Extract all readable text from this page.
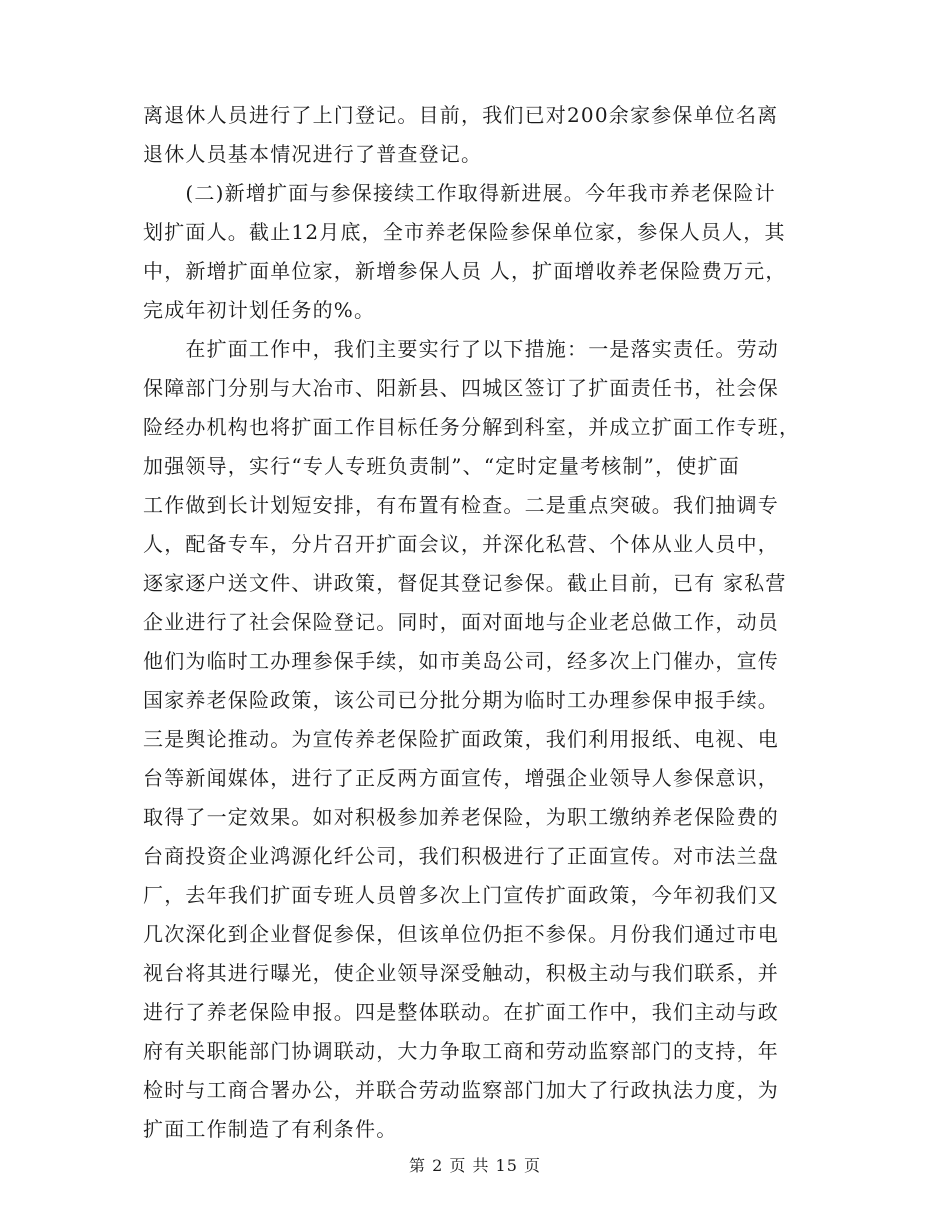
离退休人员进行了上门登记。目前，我们已对200余家参保单位名离
退休人员基本情况进行了普查登记。
　　(二)新增扩面与参保接续工作取得新进展。今年我市养老保险计
划扩面人。截止12月底，全市养老保险参保单位家，参保人员人，其
中，新增扩面单位家，新增参保人员 人，扩面增收养老保险费万元，
完成年初计划任务的%。
　　在扩面工作中，我们主要实行了以下措施：一是落实责任。劳动
保障部门分别与大冶市、阳新县、四城区签订了扩面责任书，社会保
险经办机构也将扩面工作目标任务分解到科室，并成立扩面工作专班，
加强领导，实行“专人专班负责制”、“定时定量考核制”，使扩面
工作做到长计划短安排，有布置有检查。二是重点突破。我们抽调专
人，配备专车，分片召开扩面会议，并深化私营、个体从业人员中，
逐家逐户送文件、讲政策，督促其登记参保。截止目前，已有 家私营
企业进行了社会保险登记。同时，面对面地与企业老总做工作，动员
他们为临时工办理参保手续，如市美岛公司，经多次上门催办，宣传
国家养老保险政策，该公司已分批分期为临时工办理参保申报手续。
三是舆论推动。为宣传养老保险扩面政策，我们利用报纸、电视、电
台等新闻媒体，进行了正反两方面宣传，增强企业领导人参保意识，
取得了一定效果。如对积极参加养老保险，为职工缴纳养老保险费的
台商投资企业鸿源化纤公司，我们积极进行了正面宣传。对市法兰盘
厂，去年我们扩面专班人员曾多次上门宣传扩面政策，今年初我们又
几次深化到企业督促参保，但该单位仍拒不参保。月份我们通过市电
视台将其进行曝光，使企业领导深受触动，积极主动与我们联系，并
进行了养老保险申报。四是整体联动。在扩面工作中，我们主动与政
府有关职能部门协调联动，大力争取工商和劳动监察部门的支持，年
检时与工商合署办公，并联合劳动监察部门加大了行政执法力度，为
扩面工作制造了有利条件。
第 2 页 共 15 页
